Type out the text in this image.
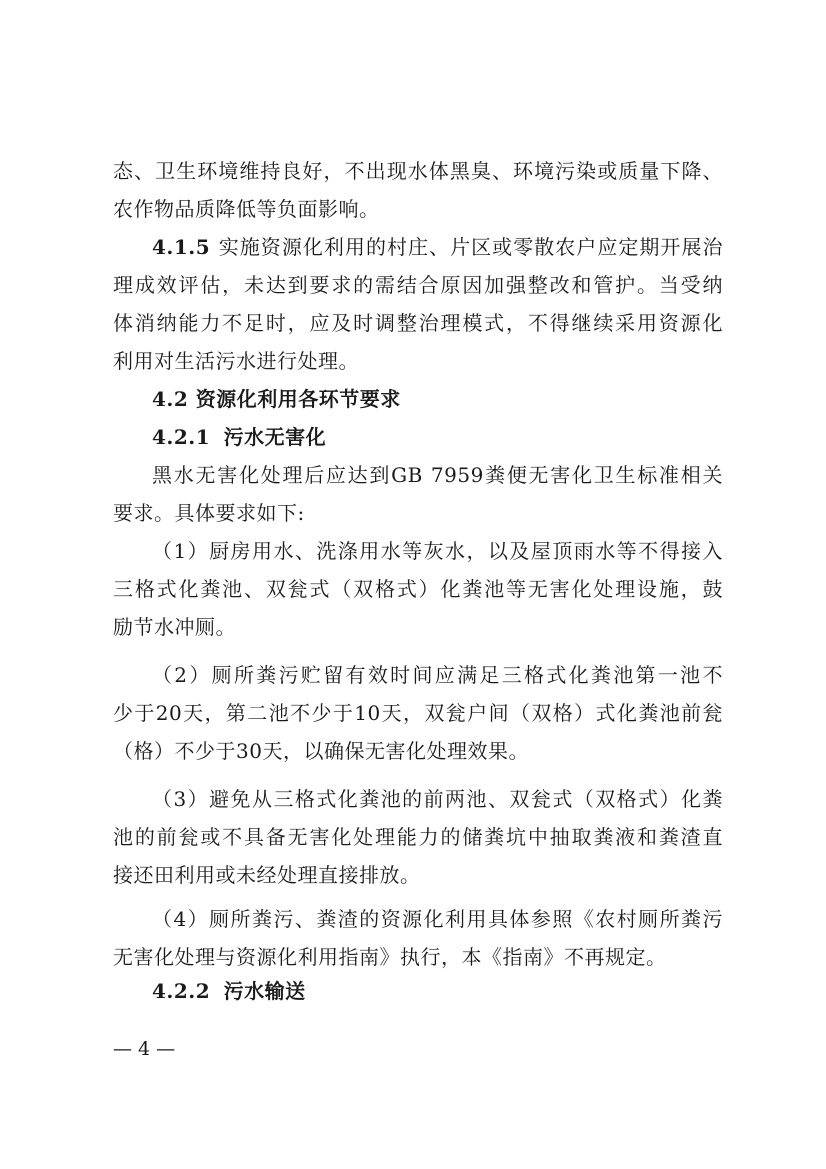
态、卫生环境维持良好，不出现水体黑臭、环境污染或质量下降、
农作物品质降低等负面影响。
4.1.5 实施资源化利用的村庄、片区或零散农户应定期开展治
理成效评估，未达到要求的需结合原因加强整改和管护。当受纳
体消纳能力不足时，应及时调整治理模式，不得继续采用资源化
利用对生活污水进行处理。
4.2 资源化利用各环节要求
4.2.1 污水无害化
黑水无害化处理后应达到GB 7959粪便无害化卫生标准相关
要求。具体要求如下:
（1）厨房用水、洗涤用水等灰水，以及屋顶雨水等不得接入
三格式化粪池、双瓮式（双格式）化粪池等无害化处理设施，鼓
励节水冲厕。
（2）厕所粪污贮留有效时间应满足三格式化粪池第一池不
少于20天，第二池不少于10天，双瓮户间（双格）式化粪池前瓮
（格）不少于30天，以确保无害化处理效果。
（3）避免从三格式化粪池的前两池、双瓮式（双格式）化粪
池的前瓮或不具备无害化处理能力的储粪坑中抽取粪液和粪渣直
接还田利用或未经处理直接排放。
（4）厕所粪污、粪渣的资源化利用具体参照《农村厕所粪污
无害化处理与资源化利用指南》执行，本《指南》不再规定。
4.2.2 污水输送
— 4 —
